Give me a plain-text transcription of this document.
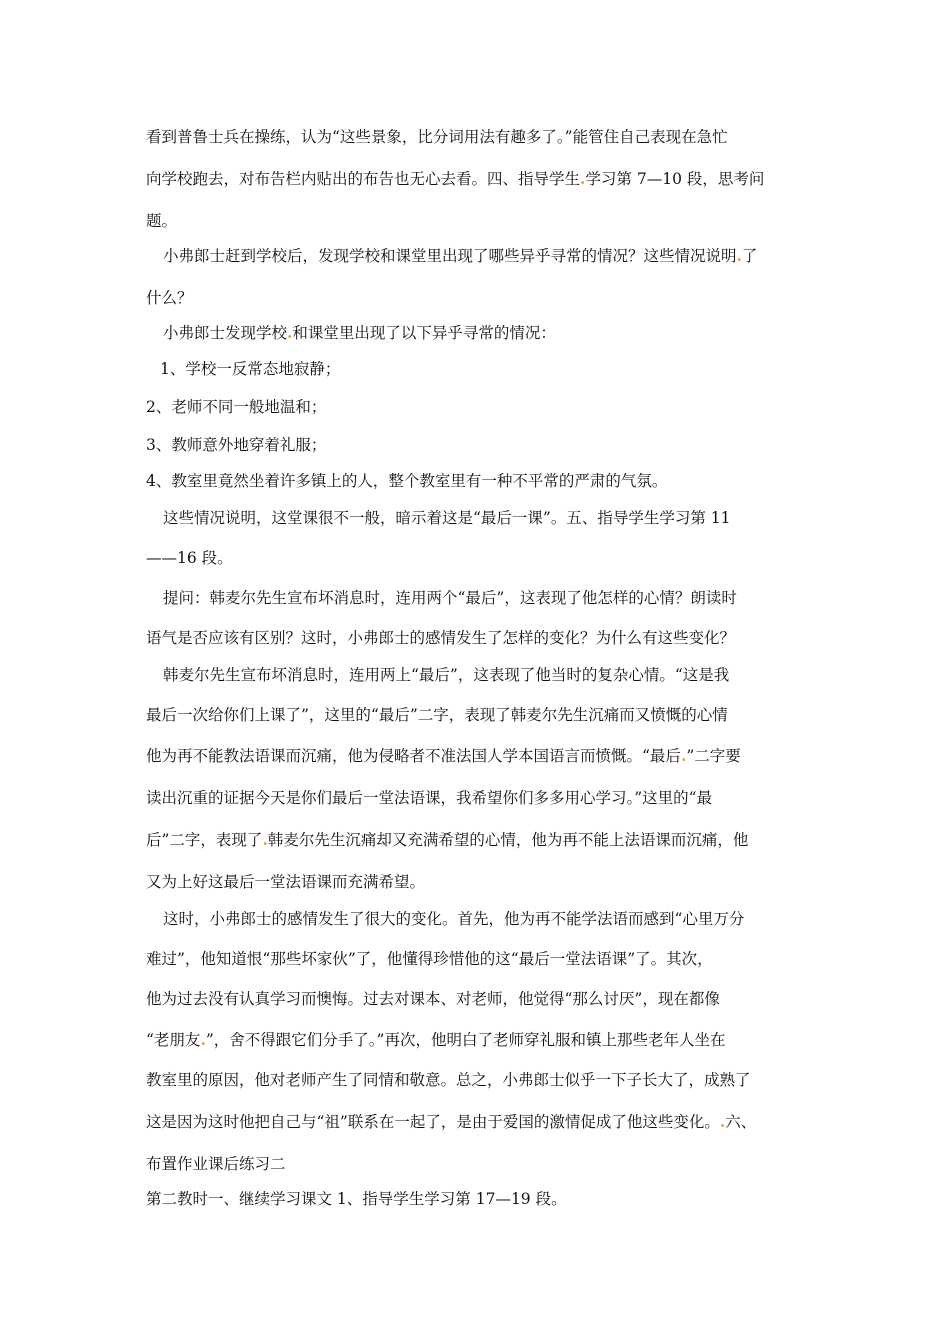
看到普鲁士兵在操练，认为“这些景象，比分词用法有趣多了。”能管住自己表现在急忙
向学校跑去，对布告栏内贴出的布告也无心去看。四、指导学生.学习第 7—10 段，思考问
题。
小弗郎士赶到学校后，发现学校和课堂里出现了哪些异乎寻常的情况？这些情况说明.了
什么？
小弗郎士发现学校.和课堂里出现了以下异乎寻常的情况：
1、学校一反常态地寂静；
2、老师不同一般地温和；
3、教师意外地穿着礼服；
4、教室里竟然坐着许多镇上的人，整个教室里有一种不平常的严肃的气氛。
这些情况说明，这堂课很不一般，暗示着这是“最后一课”。五、指导学生学习第 11
——16 段。
提问：韩麦尔先生宣布坏消息时，连用两个“最后”，这表现了他怎样的心情？朗读时
语气是否应该有区别？这时，小弗郎士的感情发生了怎样的变化？为什么有这些变化？
韩麦尔先生宣布坏消息时，连用两上“最后”，这表现了他当时的复杂心情。“这是我
最后一次给你们上课了”，这里的“最后”二字，表现了韩麦尔先生沉痛而又愤慨的心情
他为再不能教法语课而沉痛，他为侵略者不准法国人学本国语言而愤慨。“最后.”二字要
读出沉重的证据今天是你们最后一堂法语课，我希望你们多多用心学习。”这里的“最
后”二字，表现了.韩麦尔先生沉痛却又充满希望的心情，他为再不能上法语课而沉痛，他
又为上好这最后一堂法语课而充满希望。
这时，小弗郎士的感情发生了很大的变化。首先，他为再不能学法语而感到“心里万分
难过”，他知道恨“那些坏家伙”了，他懂得珍惜他的这“最后一堂法语课”了。其次，
他为过去没有认真学习而懊悔。过去对课本、对老师，他觉得“那么讨厌”，现在都像
“老朋友.”，舍不得跟它们分手了。”再次，他明白了老师穿礼服和镇上那些老年人坐在
教室里的原因，他对老师产生了同情和敬意。总之，小弗郎士似乎一下子长大了，成熟了
这是因为这时他把自己与“祖”联系在一起了，是由于爱国的激情促成了他这些变化。.六、
布置作业课后练习二
第二教时一、继续学习课文 1、指导学生学习第 17—19 段。
